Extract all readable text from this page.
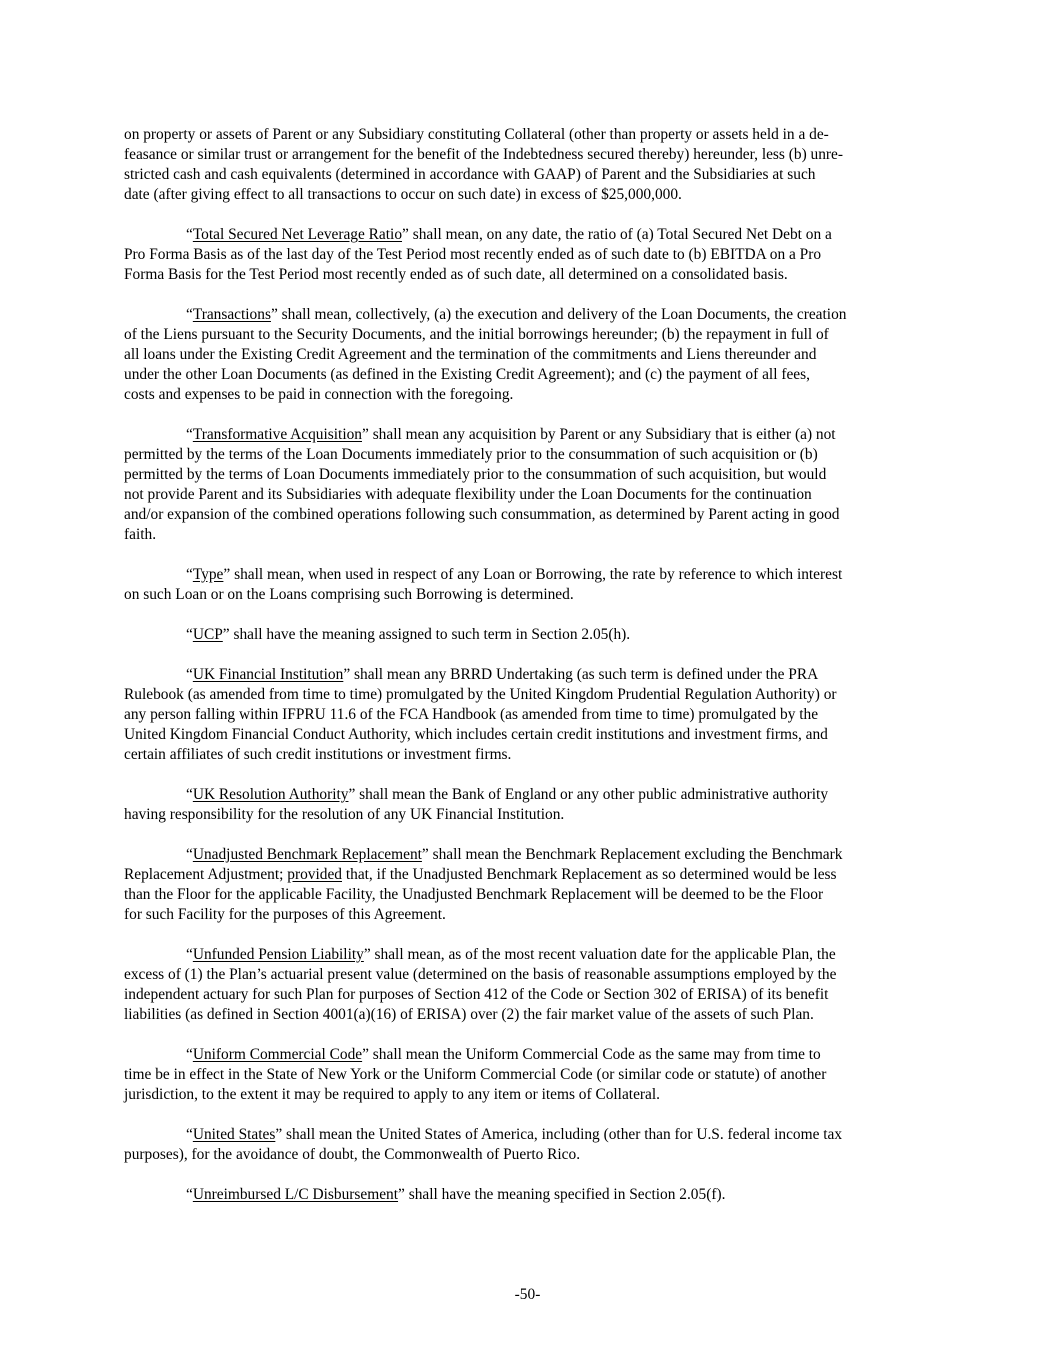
on property or assets of Parent or any Subsidiary constituting Collateral (other than property or assets held in a de-
feasance or similar trust or arrangement for the benefit of the Indebtedness secured thereby) hereunder, less (b) unre-
stricted cash and cash equivalents (determined in accordance with GAAP) of Parent and the Subsidiaries at such
date (after giving effect to all transactions to occur on such date) in excess of $25,000,000.

“Total Secured Net Leverage Ratio” shall mean, on any date, the ratio of (a) Total Secured Net Debt on a
Pro Forma Basis as of the last day of the Test Period most recently ended as of such date to (b) EBITDA on a Pro
Forma Basis for the Test Period most recently ended as of such date, all determined on a consolidated basis.

“Transactions” shall mean, collectively, (a) the execution and delivery of the Loan Documents, the creation
of the Liens pursuant to the Security Documents, and the initial borrowings hereunder; (b) the repayment in full of
all loans under the Existing Credit Agreement and the termination of the commitments and Liens thereunder and
under the other Loan Documents (as defined in the Existing Credit Agreement); and (c) the payment of all fees,
costs and expenses to be paid in connection with the foregoing.

“Transformative Acquisition” shall mean any acquisition by Parent or any Subsidiary that is either (a) not
permitted by the terms of the Loan Documents immediately prior to the consummation of such acquisition or (b)
permitted by the terms of Loan Documents immediately prior to the consummation of such acquisition, but would
not provide Parent and its Subsidiaries with adequate flexibility under the Loan Documents for the continuation
and/or expansion of the combined operations following such consummation, as determined by Parent acting in good
faith.

“Type” shall mean, when used in respect of any Loan or Borrowing, the rate by reference to which interest
on such Loan or on the Loans comprising such Borrowing is determined.

“UCP” shall have the meaning assigned to such term in Section 2.05(h).

“UK Financial Institution” shall mean any BRRD Undertaking (as such term is defined under the PRA
Rulebook (as amended from time to time) promulgated by the United Kingdom Prudential Regulation Authority) or
any person falling within IFPRU 11.6 of the FCA Handbook (as amended from time to time) promulgated by the
United Kingdom Financial Conduct Authority, which includes certain credit institutions and investment firms, and
certain affiliates of such credit institutions or investment firms.

“UK Resolution Authority” shall mean the Bank of England or any other public administrative authority
having responsibility for the resolution of any UK Financial Institution.

“Unadjusted Benchmark Replacement” shall mean the Benchmark Replacement excluding the Benchmark
Replacement Adjustment; provided that, if the Unadjusted Benchmark Replacement as so determined would be less
than the Floor for the applicable Facility, the Unadjusted Benchmark Replacement will be deemed to be the Floor
for such Facility for the purposes of this Agreement.

“Unfunded Pension Liability” shall mean, as of the most recent valuation date for the applicable Plan, the
excess of (1) the Plan’s actuarial present value (determined on the basis of reasonable assumptions employed by the
independent actuary for such Plan for purposes of Section 412 of the Code or Section 302 of ERISA) of its benefit
liabilities (as defined in Section 4001(a)(16) of ERISA) over (2) the fair market value of the assets of such Plan.

“Uniform Commercial Code” shall mean the Uniform Commercial Code as the same may from time to
time be in effect in the State of New York or the Uniform Commercial Code (or similar code or statute) of another
jurisdiction, to the extent it may be required to apply to any item or items of Collateral.

“United States” shall mean the United States of America, including (other than for U.S. federal income tax
purposes), for the avoidance of doubt, the Commonwealth of Puerto Rico.

“Unreimbursed L/C Disbursement” shall have the meaning specified in Section 2.05(f).

-50-
